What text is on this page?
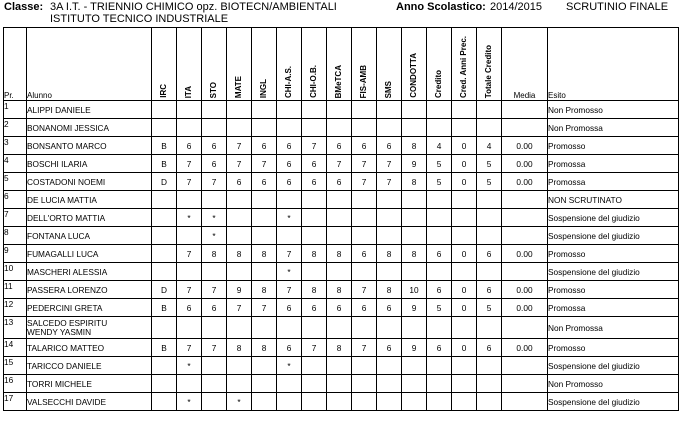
Classe: 3A I.T. - TRIENNIO CHIMICO opz. BIOTECN/AMBIENTALI
ISTITUTO TECNICO INDUSTRIALE
Anno Scolastico: 2014/2015 SCRUTINIO FINALE
Pr.	Alunno	IRC	ITA	STO	MATE	INGL	CHI-A.S.	CHI-O.B.	BMeTCA	FIS-AMB	SMS	CONDOTTA	Credito	Cred. Anni Prec.	Totale Credito	Media	Esito
1	ALIPPI DANIELE																Non Promosso
2	BONANOMI JESSICA																Non Promossa
3	BONSANTO MARCO	B	6	6	7	6	6	7	6	6	6	8	4	0	4	0.00	Promosso
4	BOSCHI ILARIA	B	7	6	7	7	6	6	7	7	7	9	5	0	5	0.00	Promossa
5	COSTADONI NOEMI	D	7	7	6	6	6	6	6	7	7	8	5	0	5	0.00	Promossa
6	DE LUCIA MATTIA																NON SCRUTINATO
7	DELL'ORTO MATTIA		*	*			*										Sospensione del giudizio
8	FONTANA LUCA			*													Sospensione del giudizio
9	FUMAGALLI LUCA		7	8	8	8	7	8	8	6	8	8	6	0	6	0.00	Promosso
10	MASCHERI ALESSIA						*										Sospensione del giudizio
11	PASSERA LORENZO	D	7	7	9	8	7	8	8	7	8	10	6	0	6	0.00	Promosso
12	PEDERCINI GRETA	B	6	6	7	7	6	6	6	6	6	9	5	0	5	0.00	Promossa
13	SALCEDO ESPIRITU
WENDY YASMIN																Non Promossa
14	TALARICO MATTEO	B	7	7	8	8	6	7	8	7	6	9	6	0	6	0.00	Promosso
15	TARICCO DANIELE		*				*										Sospensione del giudizio
16	TORRI MICHELE																Non Promosso
17	VALSECCHI DAVIDE		*		*												Sospensione del giudizio
